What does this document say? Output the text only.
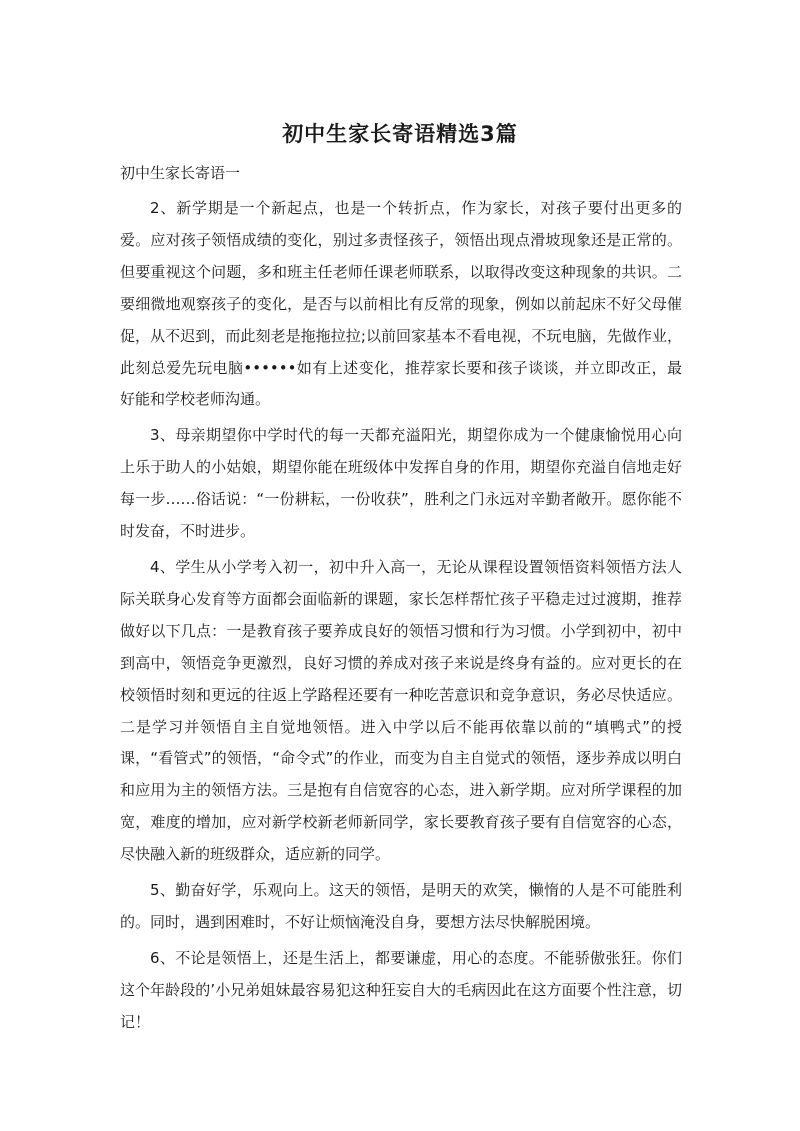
初中生家长寄语精选3篇

初中生家长寄语一

2、新学期是一个新起点，也是一个转折点，作为家长，对孩子要付出更多的爱。应对孩子领悟成绩的变化，别过多责怪孩子，领悟出现点滑坡现象还是正常的。但要重视这个问题，多和班主任老师任课老师联系，以取得改变这种现象的共识。二要细微地观察孩子的变化，是否与以前相比有反常的现象，例如以前起床不好父母催促，从不迟到，而此刻老是拖拖拉拉;以前回家基本不看电视，不玩电脑，先做作业，此刻总爱先玩电脑••••••如有上述变化，推荐家长要和孩子谈谈，并立即改正，最好能和学校老师沟通。

3、母亲期望你中学时代的每一天都充溢阳光，期望你成为一个健康愉悦用心向上乐于助人的小姑娘，期望你能在班级体中发挥自身的作用，期望你充溢自信地走好每一步……俗话说：“一份耕耘，一份收获”，胜利之门永远对辛勤者敞开。愿你能不时发奋，不时进步。

4、学生从小学考入初一，初中升入高一，无论从课程设置领悟资料领悟方法人际关联身心发育等方面都会面临新的课题，家长怎样帮忙孩子平稳走过过渡期，推荐做好以下几点：一是教育孩子要养成良好的领悟习惯和行为习惯。小学到初中，初中到高中，领悟竞争更激烈，良好习惯的养成对孩子来说是终身有益的。应对更长的在校领悟时刻和更远的往返上学路程还要有一种吃苦意识和竞争意识，务必尽快适应。二是学习并领悟自主自觉地领悟。进入中学以后不能再依靠以前的“填鸭式”的授课，“看管式”的领悟，“命令式”的作业，而变为自主自觉式的领悟，逐步养成以明白和应用为主的领悟方法。三是抱有自信宽容的心态，进入新学期。应对所学课程的加宽，难度的增加，应对新学校新老师新同学，家长要教育孩子要有自信宽容的心态，尽快融入新的班级群众，适应新的同学。

5、勤奋好学，乐观向上。这天的领悟，是明天的欢笑，懒惰的人是不可能胜利的。同时，遇到困难时，不好让烦恼淹没自身，要想方法尽快解脱困境。

6、不论是领悟上，还是生活上，都要谦虚，用心的态度。不能骄傲张狂。你们这个年龄段的’小兄弟姐妹最容易犯这种狂妄自大的毛病因此在这方面要个性注意，切记！
